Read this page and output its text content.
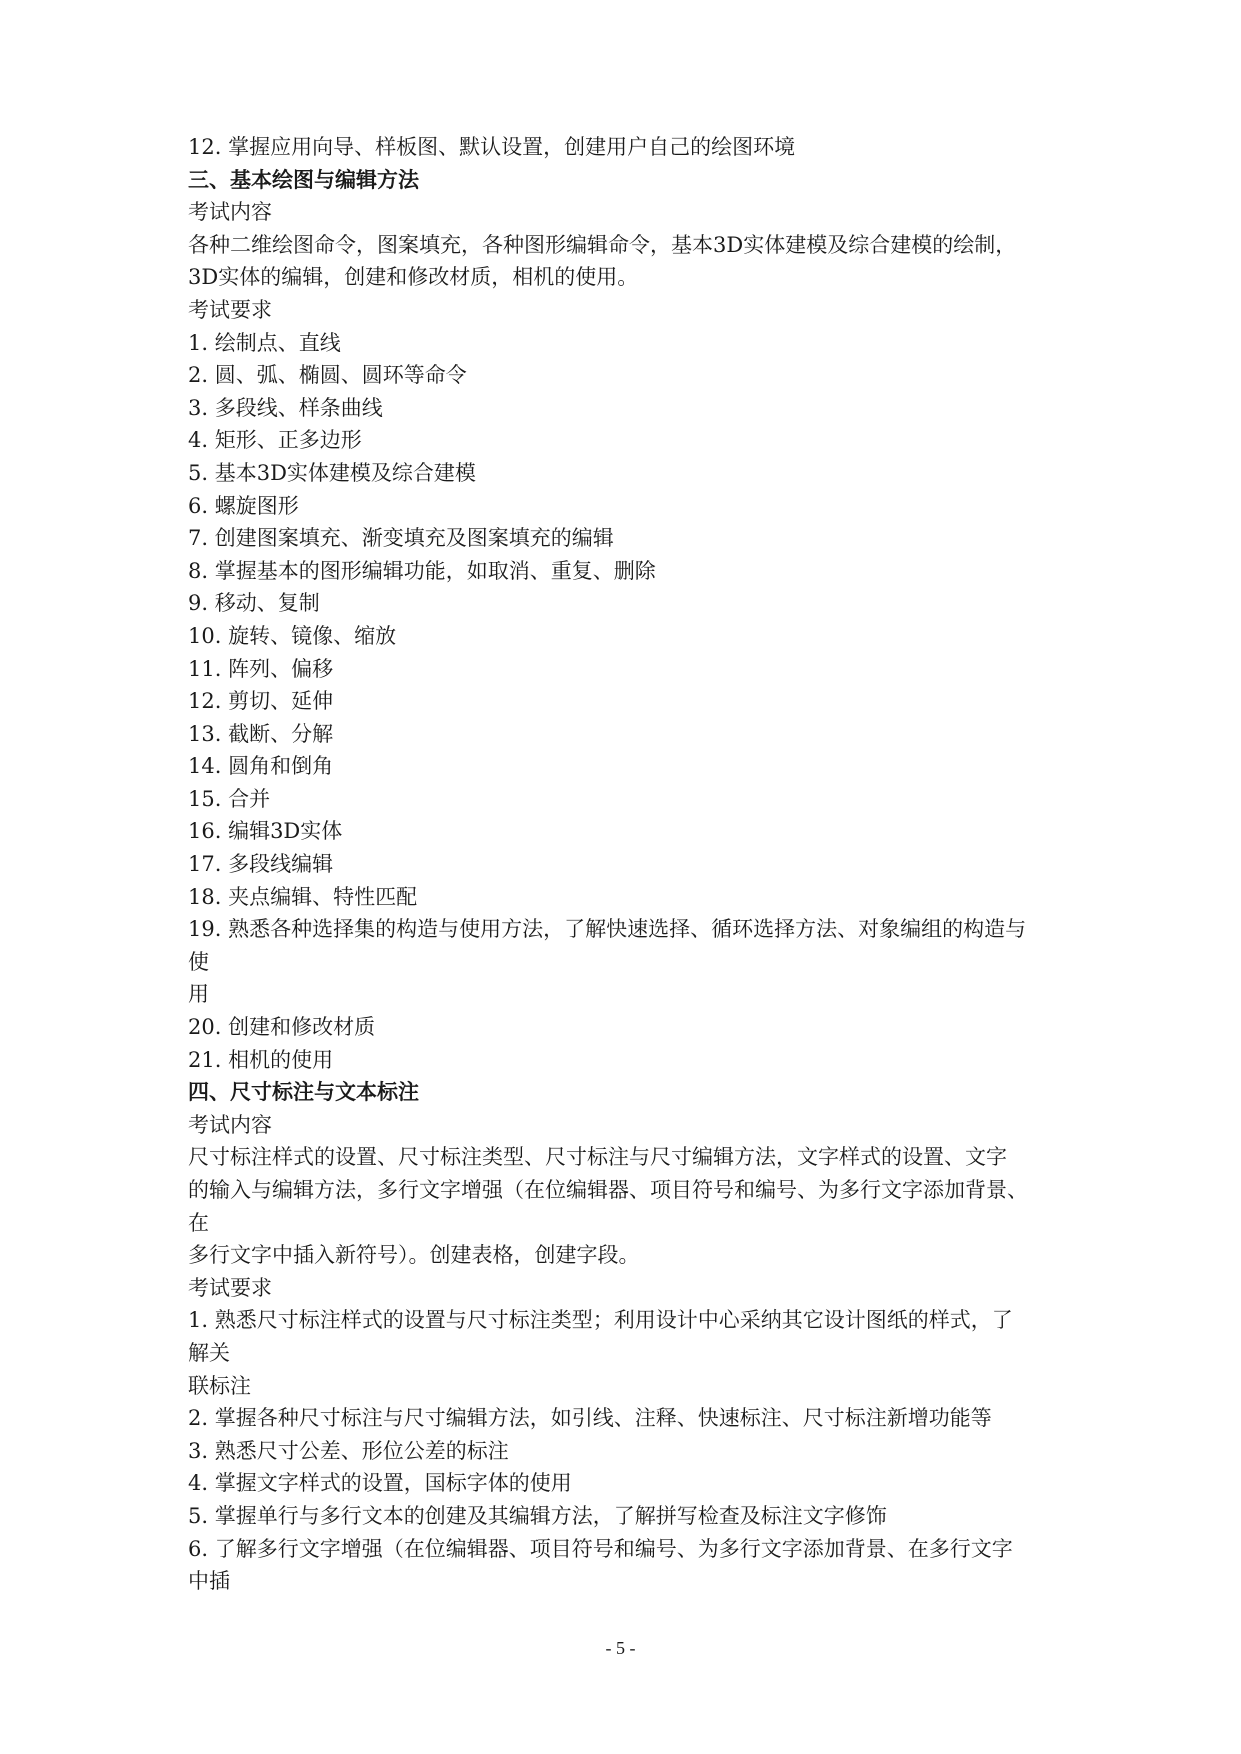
12. 掌握应用向导、样板图、默认设置，创建用户自己的绘图环境
三、基本绘图与编辑方法
考试内容
各种二维绘图命令，图案填充，各种图形编辑命令，基本3D实体建模及综合建模的绘制，
3D实体的编辑，创建和修改材质，相机的使用。
考试要求
1. 绘制点、直线
2. 圆、弧、椭圆、圆环等命令
3. 多段线、样条曲线
4. 矩形、正多边形
5. 基本3D实体建模及综合建模
6. 螺旋图形
7. 创建图案填充、渐变填充及图案填充的编辑
8. 掌握基本的图形编辑功能，如取消、重复、删除
9. 移动、复制
10. 旋转、镜像、缩放
11. 阵列、偏移
12. 剪切、延伸
13. 截断、分解
14. 圆角和倒角
15. 合并
16. 编辑3D实体
17. 多段线编辑
18. 夹点编辑、特性匹配
19. 熟悉各种选择集的构造与使用方法，了解快速选择、循环选择方法、对象编组的构造与
使
用
20. 创建和修改材质
21. 相机的使用
四、尺寸标注与文本标注
考试内容
尺寸标注样式的设置、尺寸标注类型、尺寸标注与尺寸编辑方法，文字样式的设置、文字
的输入与编辑方法，多行文字增强（在位编辑器、项目符号和编号、为多行文字添加背景、
在
多行文字中插入新符号）。创建表格，创建字段。
考试要求
1. 熟悉尺寸标注样式的设置与尺寸标注类型；利用设计中心采纳其它设计图纸的样式，了
解关
联标注
2. 掌握各种尺寸标注与尺寸编辑方法，如引线、注释、快速标注、尺寸标注新增功能等
3. 熟悉尺寸公差、形位公差的标注
4. 掌握文字样式的设置，国标字体的使用
5. 掌握单行与多行文本的创建及其编辑方法，了解拼写检查及标注文字修饰
6. 了解多行文字增强（在位编辑器、项目符号和编号、为多行文字添加背景、在多行文字
中插
- 5 -
